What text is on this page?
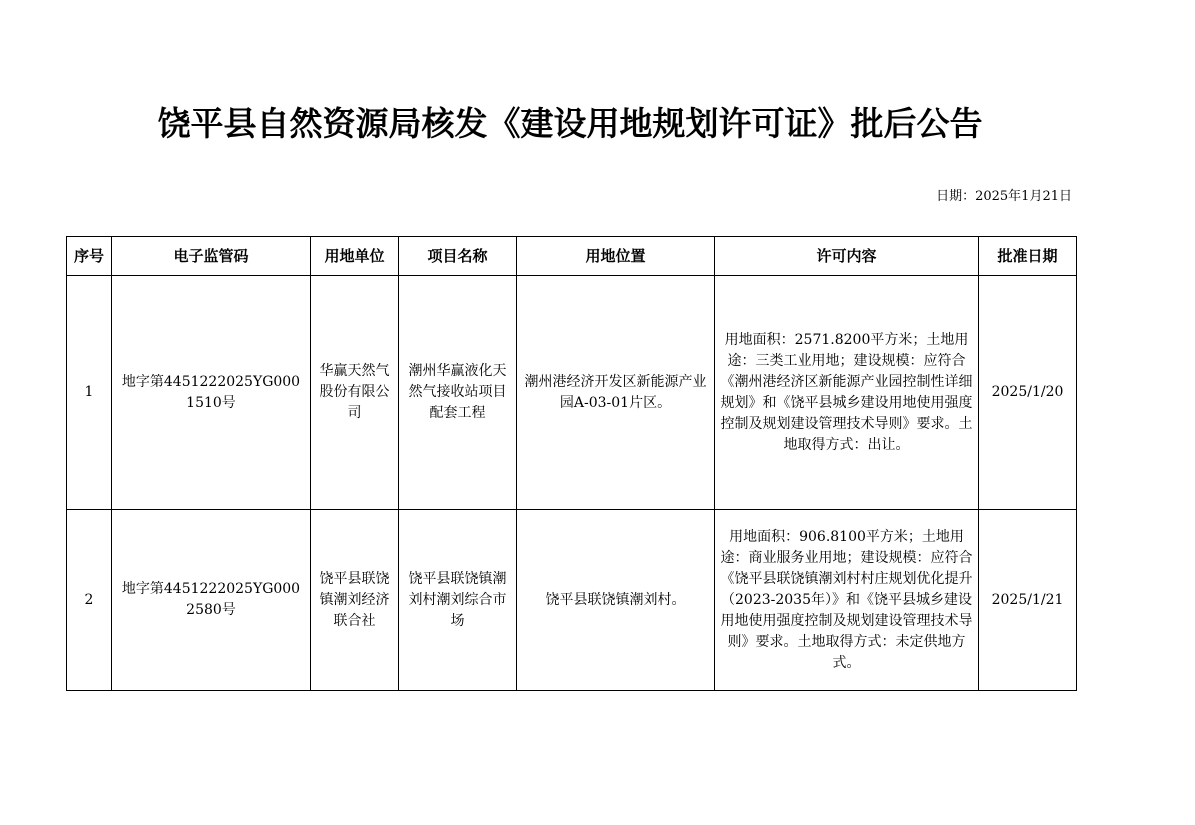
饶平县自然资源局核发《建设用地规划许可证》批后公告
日期：2025年1月21日
序号	电子监管码	用地单位	项目名称	用地位置	许可内容	批准日期
1	地字第4451222025YG0001510号	华赢天然气股份有限公司	潮州华赢液化天然气接收站项目配套工程	潮州港经济开发区新能源产业园A-03-01片区。	用地面积：2571.8200平方米；土地用途：三类工业用地；建设规模：应符合《潮州港经济区新能源产业园控制性详细规划》和《饶平县城乡建设用地使用强度控制及规划建设管理技术导则》要求。土地取得方式：出让。	2025/1/20
2	地字第4451222025YG0002580号	饶平县联饶镇潮刘经济联合社	饶平县联饶镇潮刘村潮刘综合市场	饶平县联饶镇潮刘村。	用地面积：906.8100平方米；土地用途：商业服务业用地；建设规模：应符合《饶平县联饶镇潮刘村村庄规划优化提升（2023-2035年）》和《饶平县城乡建设用地使用强度控制及规划建设管理技术导则》要求。土地取得方式：未定供地方式。	2025/1/21
